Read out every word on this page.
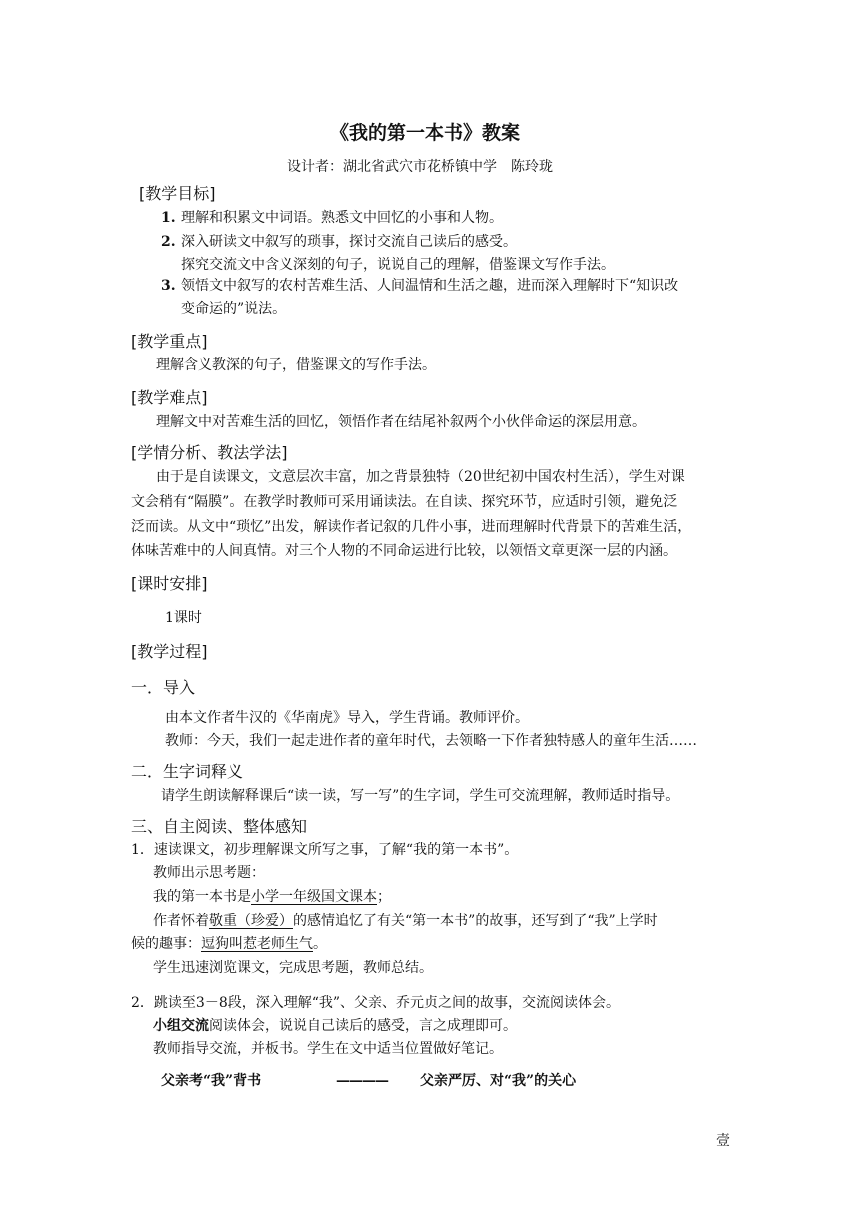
《我的第一本书》教案
设计者：湖北省武穴市花桥镇中学　陈玲珑
[教学目标]
1. 理解和积累文中词语。熟悉文中回忆的小事和人物。
2. 深入研读文中叙写的琐事，探讨交流自己读后的感受。
探究交流文中含义深刻的句子，说说自己的理解，借鉴课文写作手法。
3. 领悟文中叙写的农村苦难生活、人间温情和生活之趣，进而深入理解时下“知识改
变命运的”说法。
[教学重点]
理解含义教深的句子，借鉴课文的写作手法。
[教学难点]
理解文中对苦难生活的回忆，领悟作者在结尾补叙两个小伙伴命运的深层用意。
[学情分析、教法学法]
由于是自读课文，文意层次丰富，加之背景独特（20世纪初中国农村生活），学生对课
文会稍有“隔膜”。在教学时教师可采用诵读法。在自读、探究环节，应适时引领，避免泛
泛而读。从文中“琐忆”出发，解读作者记叙的几件小事，进而理解时代背景下的苦难生活，
体味苦难中的人间真情。对三个人物的不同命运进行比较，以领悟文章更深一层的内涵。
[课时安排]
1课时
[教学过程]
一．导入
由本文作者牛汉的《华南虎》导入，学生背诵。教师评价。
教师：今天，我们一起走进作者的童年时代，去领略一下作者独特感人的童年生活……
二．生字词释义
请学生朗读解释课后“读一读，写一写”的生字词，学生可交流理解，教师适时指导。
三、自主阅读、整体感知
1．速读课文，初步理解课文所写之事，了解“我的第一本书”。
教师出示思考题：
我的第一本书是小学一年级国文课本；
作者怀着敬重（珍爱）的感情追忆了有关“第一本书”的故事，还写到了“我”上学时
候的趣事：逗狗叫惹老师生气。
学生迅速浏览课文，完成思考题，教师总结。
2．跳读至3－8段，深入理解“我”、父亲、乔元贞之间的故事，交流阅读体会。
小组交流阅读体会，说说自己读后的感受，言之成理即可。
教师指导交流，并板书。学生在文中适当位置做好笔记。
父亲考“我”背书	———— 父亲严厉、对“我”的关心
壹
